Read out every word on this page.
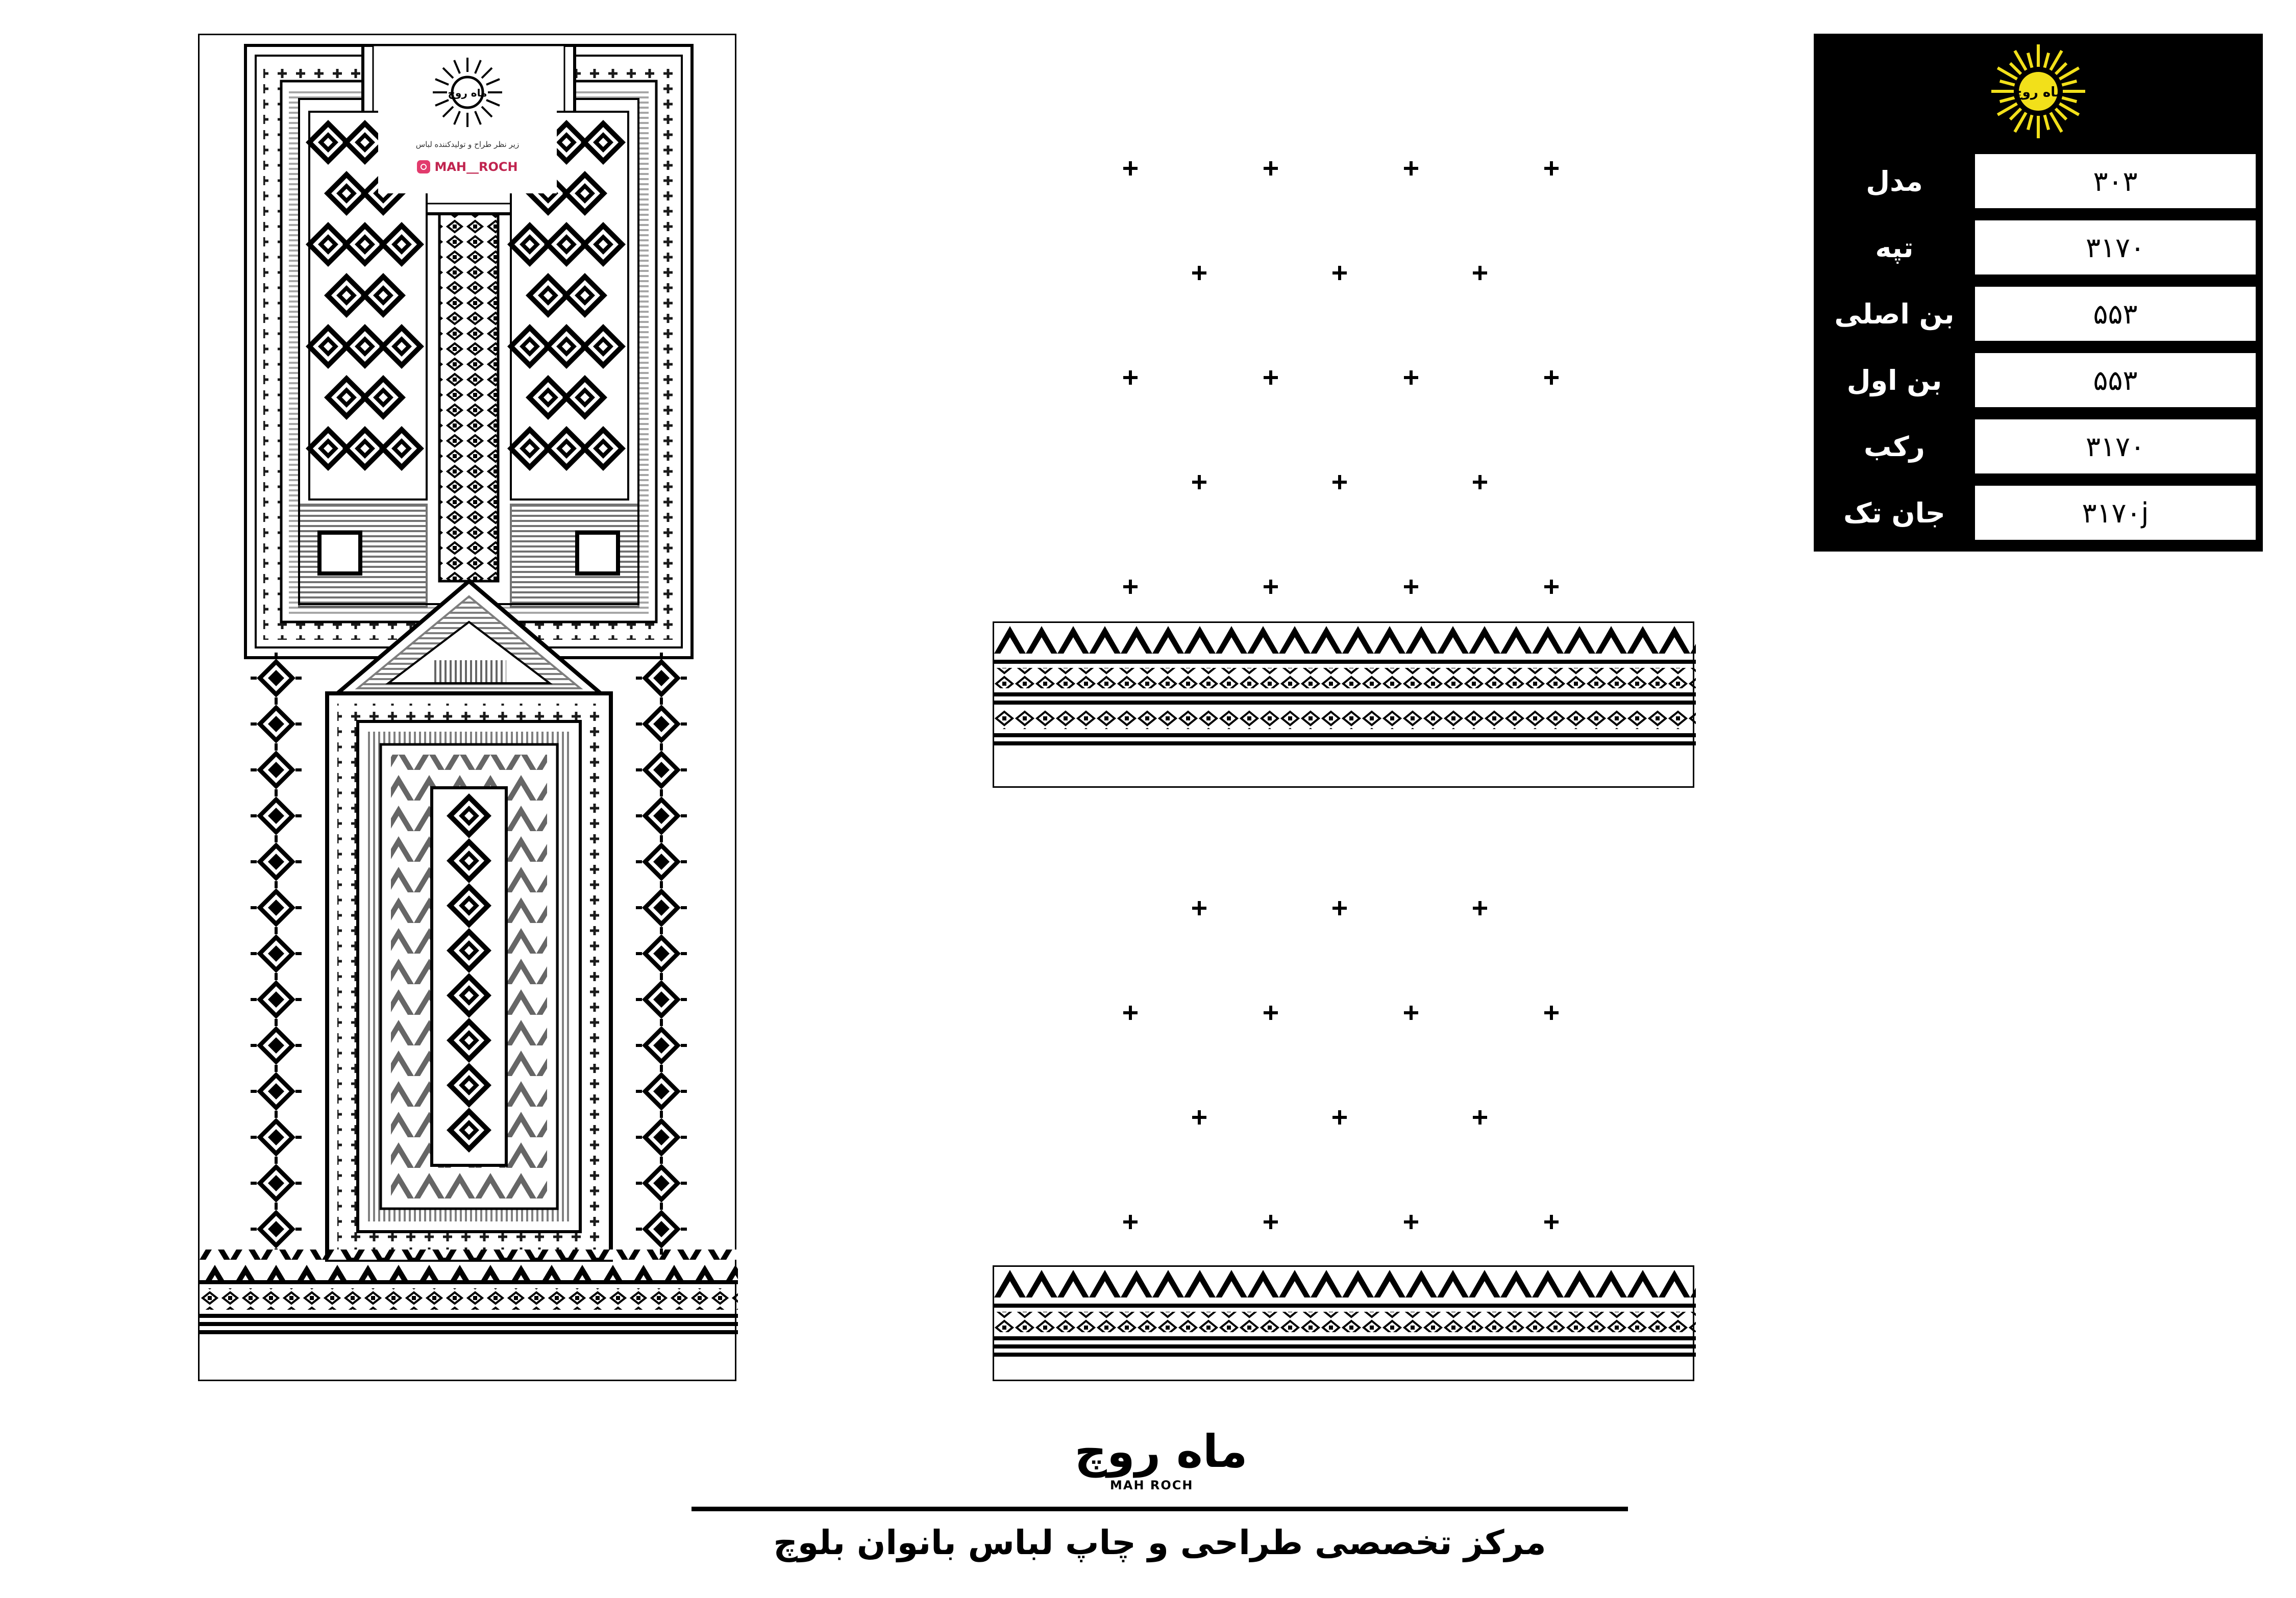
ماه روچ
زیر نظر طراح و تولیدکننده لباس
MAH__ROCH
ماه روچ
مدل	۳۰۳
تپه	۳۱۷۰
بن اصلی	۵۵۳
بن اول	۵۵۳
رکب	۳۱۷۰
جان تک	۳۱۷۰j
ماه روچ
MAH ROCH
مرکز تخصصی طراحی و چاپ لباس بانوان بلوچ
